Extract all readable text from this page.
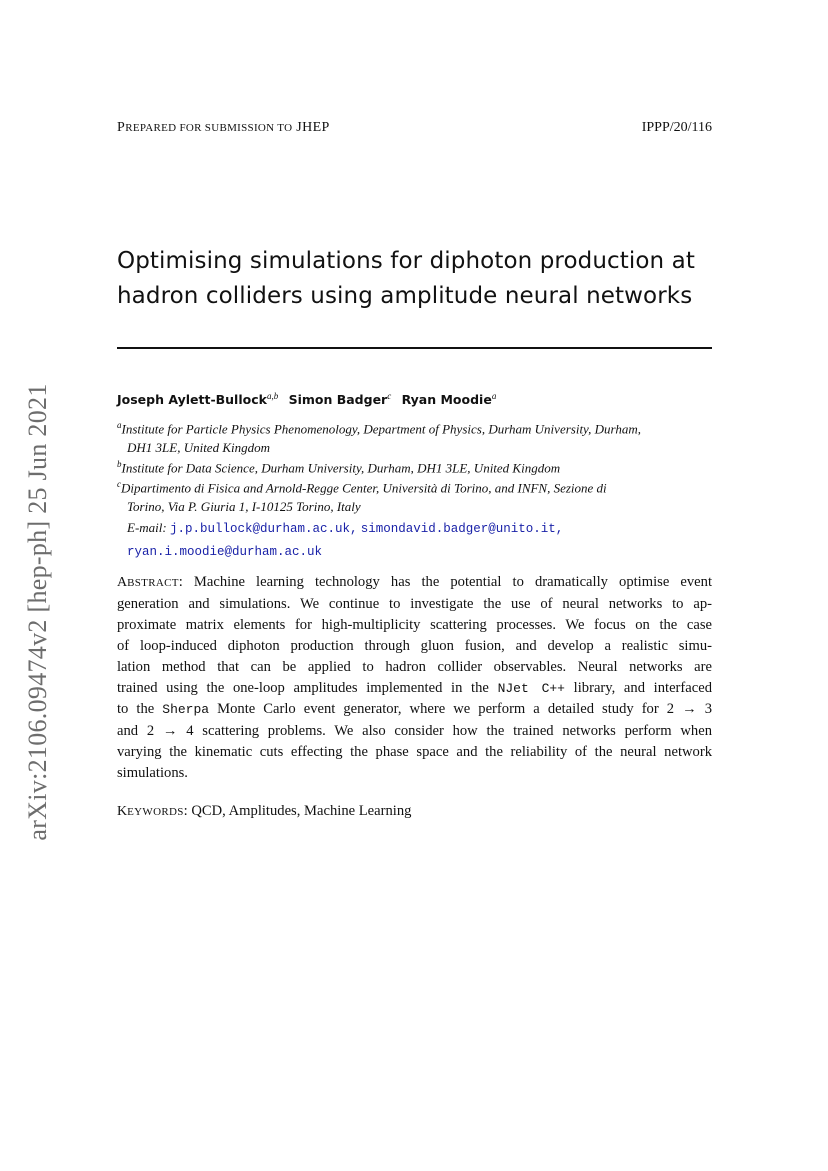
arXiv:2106.09474v2 [hep-ph] 25 Jun 2021
PREPARED FOR SUBMISSION TO JHEP	IPPP/20/116
Optimising simulations for diphoton production at
hadron colliders using amplitude neural networks
Joseph Aylett-Bullock$^{a,b}$ Simon Badger$^c$ Ryan Moodie$^a$
$^a$Institute for Particle Physics Phenomenology, Department of Physics, Durham University, Durham,
DH1 3LE, United Kingdom
$^b$Institute for Data Science, Durham University, Durham, DH1 3LE, United Kingdom
$^c$Dipartimento di Fisica and Arnold-Regge Center, Università di Torino, and INFN, Sezione di
Torino, Via P. Giuria 1, I-10125 Torino, Italy
E-mail: j.p.bullock@durham.ac.uk, simondavid.badger@unito.it,
ryan.i.moodie@durham.ac.uk
ABSTRACT: Machine learning technology has the potential to dramatically optimise event
generation and simulations. We continue to investigate the use of neural networks to ap-
proximate matrix elements for high-multiplicity scattering processes. We focus on the case
of loop-induced diphoton production through gluon fusion, and develop a realistic simu-
lation method that can be applied to hadron collider observables. Neural networks are
trained using the one-loop amplitudes implemented in the NJet C++ library, and interfaced
to the Sherpa Monte Carlo event generator, where we perform a detailed study for 2 → 3
and 2 → 4 scattering problems. We also consider how the trained networks perform when
varying the kinematic cuts effecting the phase space and the reliability of the neural network
simulations.
KEYWORDS: QCD, Amplitudes, Machine Learning
